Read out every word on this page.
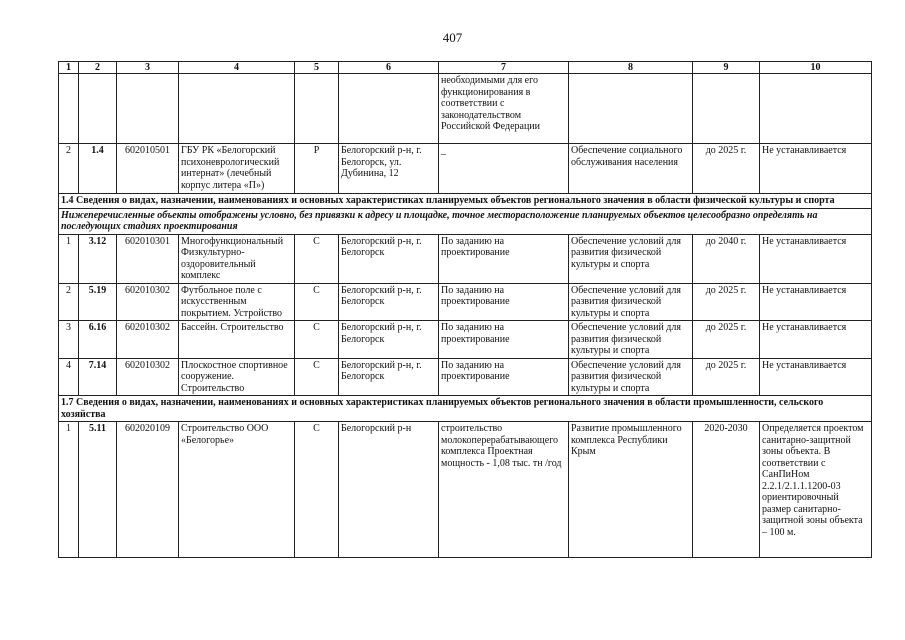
407
1	2	3	4	5	6	7	8	9	10
						необходимыми для его функционирования в соответствии с законодательством Российской Федерации			
2	1.4	602010501	ГБУ РК «Белогорский психоневрологический интернат» (лечебный корпус литера «П»)	Р	Белогорский р-н, г. Белогорск, ул. Дубинина, 12	_	Обеспечение социального обслуживания населения	до 2025 г.	Не устанавливается
1.4 Сведения о видах, назначении, наименованиях и основных характеристиках планируемых объектов регионального значения в области физической культуры и спорта									
Нижеперечисленные объекты отображены условно, без привязки к адресу и площадке, точное месторасположение планируемых объектов целесообразно определять на последующих стадиях проектирования									
1	3.12	602010301	Многофункциональный Физкультурно-оздоровительный комплекс	С	Белогорский р-н, г. Белогорск	По заданию на проектирование	Обеспечение условий для развития физической культуры и спорта	до 2040 г.	Не устанавливается
2	5.19	602010302	Футбольное поле с искусственным покрытием. Устройство	С	Белогорский р-н, г. Белогорск	По заданию на проектирование	Обеспечение условий для развития физической культуры и спорта	до 2025 г.	Не устанавливается
3	6.16	602010302	Бассейн. Строительство	С	Белогорский р-н, г. Белогорск	По заданию на проектирование	Обеспечение условий для развития физической культуры и спорта	до 2025 г.	Не устанавливается
4	7.14	602010302	Плоскостное спортивное сооружение. Строительство	С	Белогорский р-н, г. Белогорск	По заданию на проектирование	Обеспечение условий для развития физической культуры и спорта	до 2025 г.	Не устанавливается
1.7 Сведения о видах, назначении, наименованиях и основных характеристиках планируемых объектов регионального значения в области промышленности, сельского хозяйства									
1	5.11	602020109	Строительство ООО «Белогорье»	С	Белогорский р-н	строительство молокоперерабатывающего комплекса Проектная мощность - 1,08 тыс. тн /год	Развитие промышленного комплекса Республики Крым	2020-2030	Определяется проектом санитарно-защитной зоны объекта. В соответствии с СанПиНом 2.2.1/2.1.1.1200-03 ориентировочный размер санитарно-защитной зоны объекта – 100 м.
